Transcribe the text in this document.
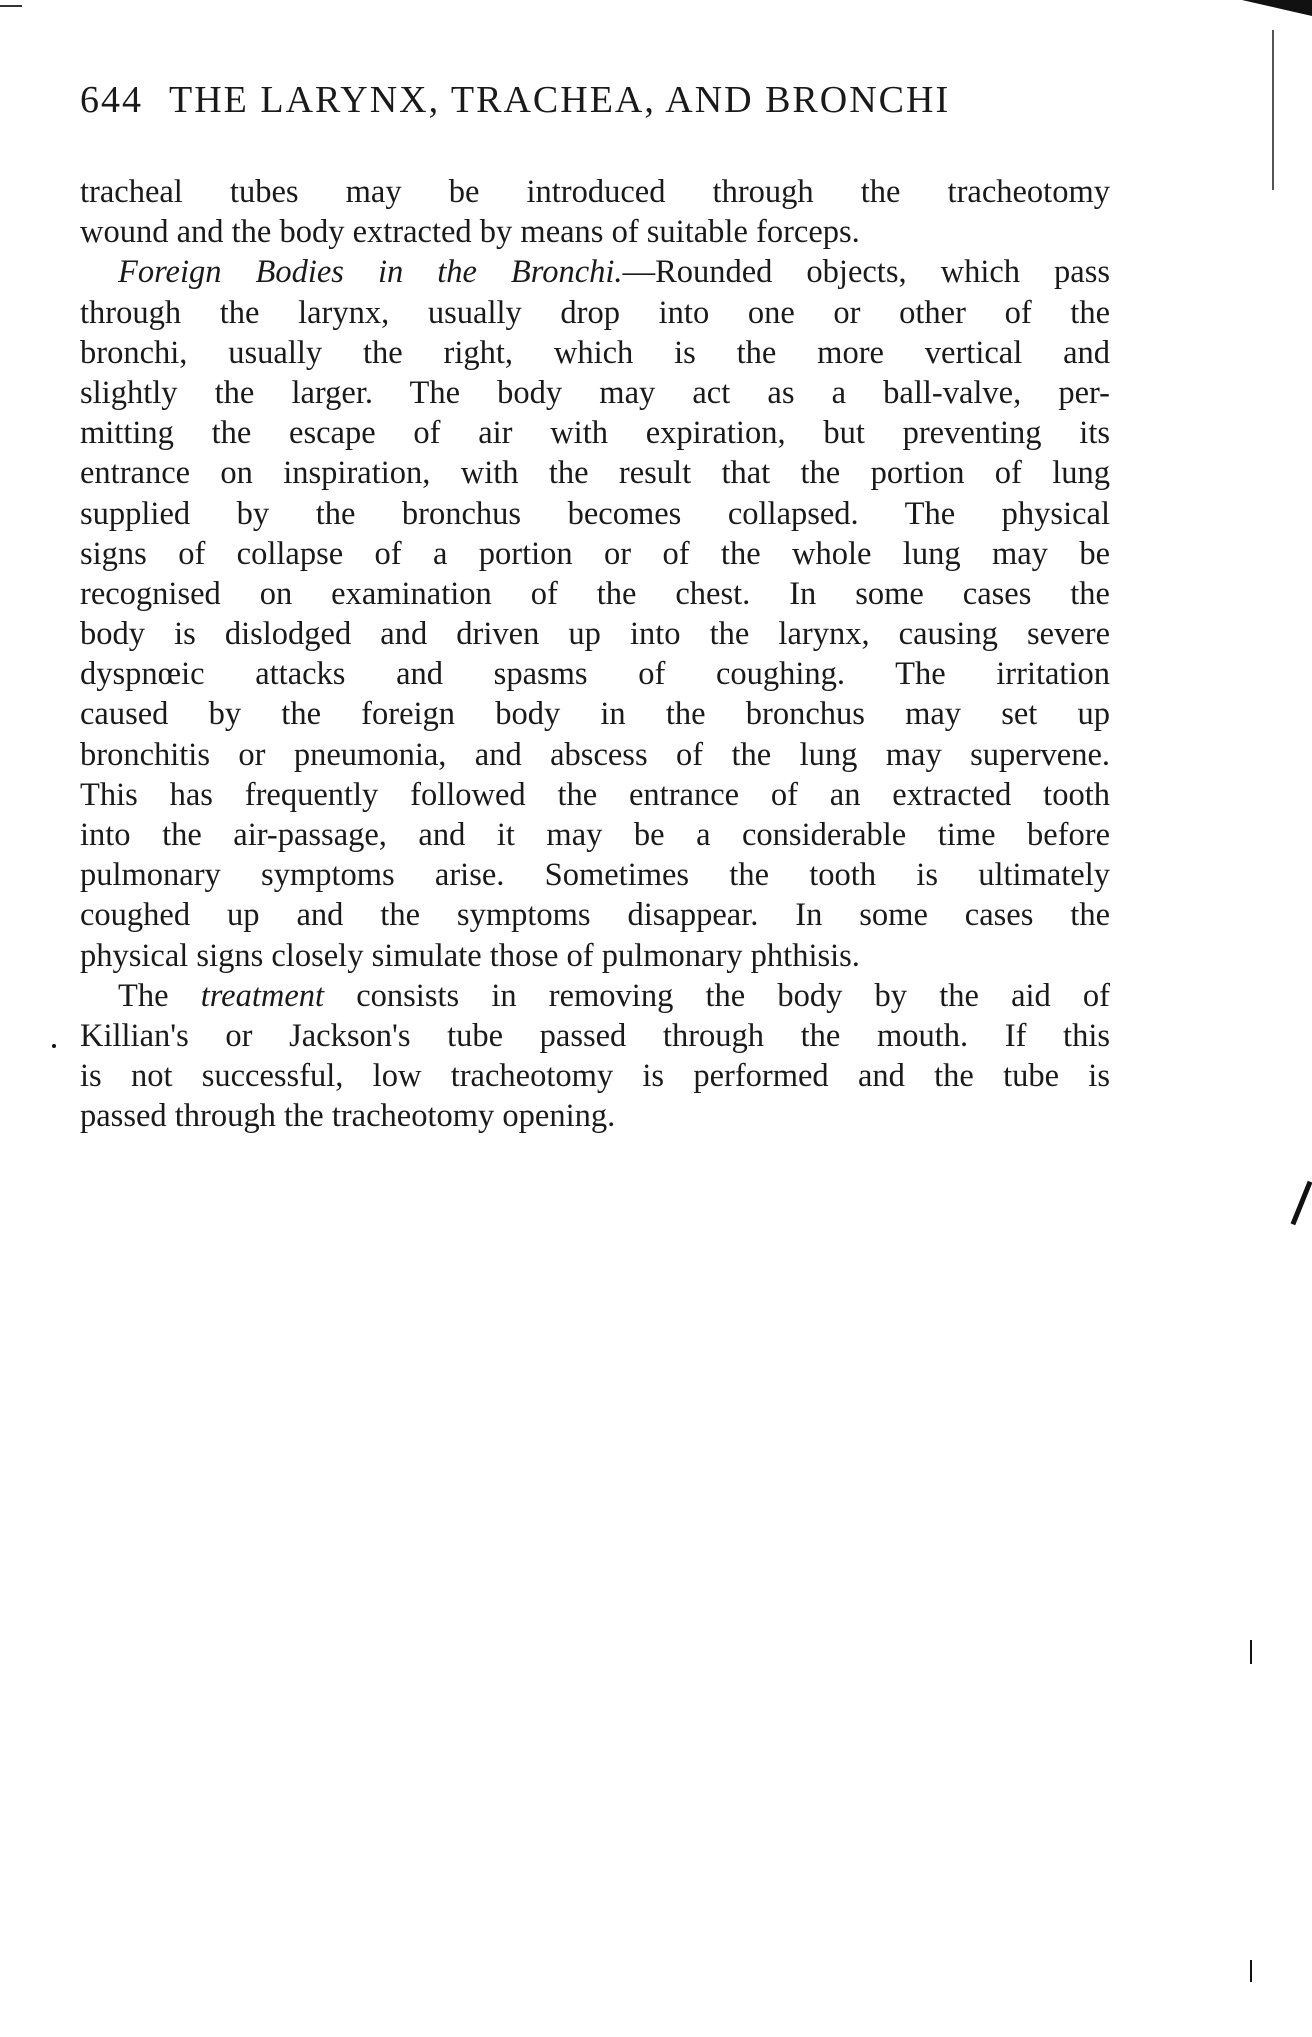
644 THE LARYNX, TRACHEA, AND BRONCHI
tracheal tubes may be introduced through the tracheotomy
wound and the body extracted by means of suitable forceps.
Foreign Bodies in the Bronchi.—Rounded objects, which pass
through the larynx, usually drop into one or other of the
bronchi, usually the right, which is the more vertical and
slightly the larger. The body may act as a ball-valve, per-
mitting the escape of air with expiration, but preventing its
entrance on inspiration, with the result that the portion of lung
supplied by the bronchus becomes collapsed. The physical
signs of collapse of a portion or of the whole lung may be
recognised on examination of the chest. In some cases the
body is dislodged and driven up into the larynx, causing severe
dyspnœic attacks and spasms of coughing. The irritation
caused by the foreign body in the bronchus may set up
bronchitis or pneumonia, and abscess of the lung may supervene.
This has frequently followed the entrance of an extracted tooth
into the air-passage, and it may be a considerable time before
pulmonary symptoms arise. Sometimes the tooth is ultimately
coughed up and the symptoms disappear. In some cases the
physical signs closely simulate those of pulmonary phthisis.
The treatment consists in removing the body by the aid of
Killian's or Jackson's tube passed through the mouth. If this
is not successful, low tracheotomy is performed and the tube is
passed through the tracheotomy opening.
